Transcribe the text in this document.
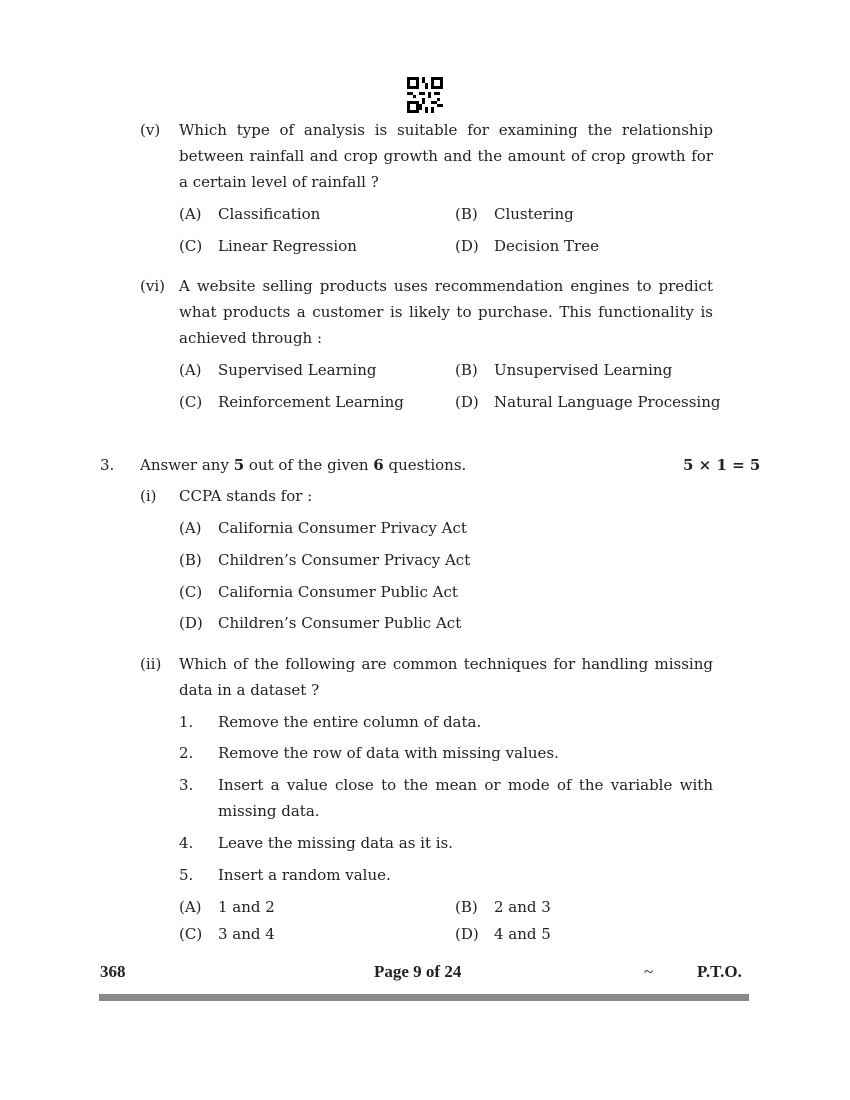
(v) Which type of analysis is suitable for examining the relationship
between rainfall and crop growth and the amount of crop growth for
a certain level of rainfall ?
(A) Classification	(B) Clustering
(C) Linear Regression	(D) Decision Tree
(vi) A website selling products uses recommendation engines to predict
what products a customer is likely to purchase. This functionality is
achieved through :
(A) Supervised Learning	(B) Unsupervised Learning
(C) Reinforcement Learning	(D) Natural Language Processing
3. Answer any 5 out of the given 6 questions.	5 × 1 = 5
(i) CCPA stands for :
(A) California Consumer Privacy Act
(B) Children’s Consumer Privacy Act
(C) California Consumer Public Act
(D) Children’s Consumer Public Act
(ii) Which of the following are common techniques for handling missing
data in a dataset ?
1. Remove the entire column of data.
2. Remove the row of data with missing values.
3. Insert a value close to the mean or mode of the variable with
missing data.
4. Leave the missing data as it is.
5. Insert a random value.
(A) 1 and 2	(B) 2 and 3
(C) 3 and 4	(D) 4 and 5
368	Page 9 of 24	~	P.T.O.
